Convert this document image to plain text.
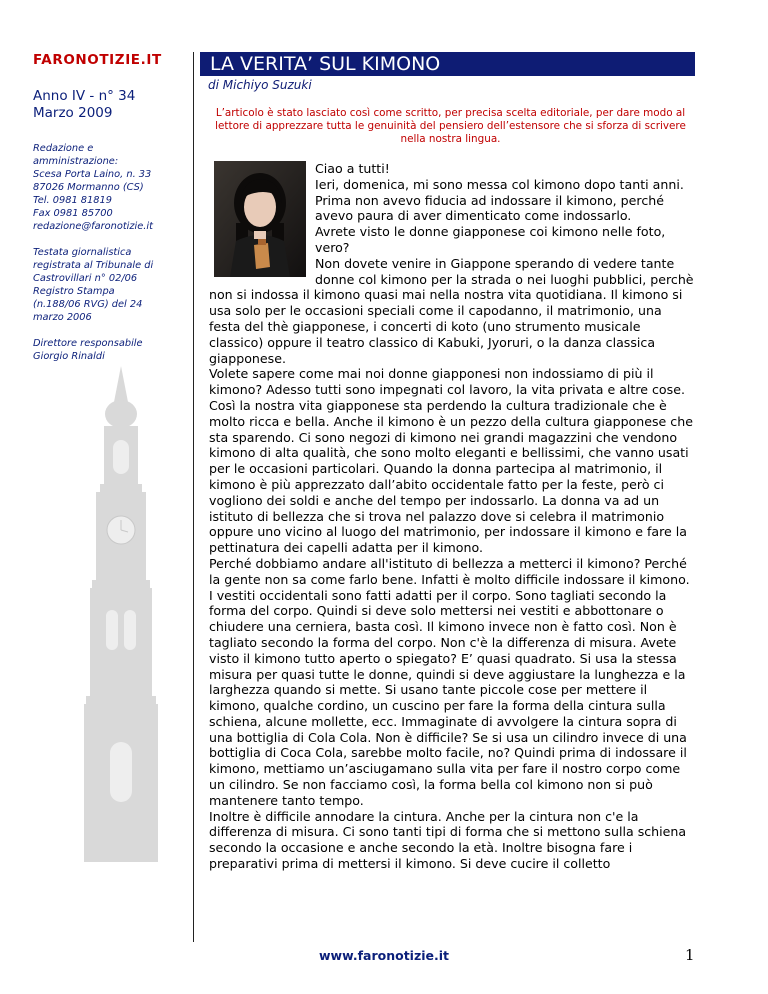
FARONOTIZIE.IT
Anno IV - n° 34
Marzo 2009
Redazione e
amministrazione:
Scesa Porta Laino, n. 33
87026 Mormanno (CS)
Tel. 0981 81819
Fax 0981 85700
redazione@faronotizie.it
Testata giornalistica
registrata al Tribunale di
Castrovillari n° 02/06
Registro Stampa
(n.188/06 RVG) del 24
marzo 2006
Direttore responsabile
Giorgio Rinaldi
LA VERITA’ SUL KIMONO
di Michiyo Suzuki
L’articolo è stato lasciato così come scritto, per precisa scelta editoriale, per dare modo al lettore di apprezzare tutta le genuinità del pensiero dell’estensore che si sforza di scrivere nella nostra lingua.

Ciao a tutti!

Ieri, domenica, mi sono messa col kimono dopo tanti anni. Prima non avevo fiducia ad indossare il kimono, perché avevo paura di aver dimenticato come indossarlo.

Avrete visto le donne giapponese coi kimono nelle foto, vero?

Non dovete venire in Giappone sperando di vedere tante donne col kimono per la strada o nei luoghi pubblici, perchè non si indossa il kimono quasi mai nella nostra vita quotidiana. Il kimono si usa solo per le occasioni speciali come il capodanno, il matrimonio, una festa del thè giapponese, i concerti di koto (uno strumento musicale classico) oppure il teatro classico di Kabuki, Jyoruri, o la danza classica giapponese.

Volete sapere come mai noi donne giapponesi non indossiamo di più il kimono? Adesso tutti sono impegnati col lavoro, la vita privata e altre cose. Così la nostra vita giapponese sta perdendo la cultura tradizionale che è molto ricca e bella. Anche il kimono è un pezzo della cultura giapponese che sta sparendo. Ci sono negozi di kimono nei grandi magazzini che vendono kimono di alta qualità, che sono molto eleganti e bellissimi, che vanno usati per le occasioni particolari. Quando la donna partecipa al matrimonio, il kimono è più apprezzato dall’abito occidentale fatto per la feste, però ci vogliono dei soldi e anche del tempo per indossarlo. La donna va ad un istituto di bellezza che si trova nel palazzo dove si celebra il matrimonio oppure uno vicino al luogo del matrimonio, per indossare il kimono e fare la pettinatura dei capelli adatta per il kimono.

Perché dobbiamo andare all'istituto di bellezza a metterci il kimono? Perché la gente non sa come farlo bene. Infatti è molto difficile indossare il kimono. I vestiti occidentali sono fatti adatti per il corpo. Sono tagliati secondo la forma del corpo. Quindi si deve solo mettersi nei vestiti e abbottonare o chiudere una cerniera, basta così. Il kimono invece non è fatto così. Non è tagliato secondo la forma del corpo. Non c'è la differenza di misura. Avete visto il kimono tutto aperto o spiegato? E’ quasi quadrato. Si usa la stessa misura per quasi tutte le donne, quindi si deve aggiustare la lunghezza e la larghezza quando si mette. Si usano tante piccole cose per mettere il kimono, qualche cordino, un cuscino per fare la forma della cintura sulla schiena, alcune mollette, ecc. Immaginate di avvolgere la cintura sopra di una bottiglia di Cola Cola. Non è difficile? Se si usa un cilindro invece di una bottiglia di Coca Cola, sarebbe molto facile, no? Quindi prima di indossare il kimono, mettiamo un’asciugamano sulla vita per fare il nostro corpo come un cilindro. Se non facciamo così, la forma bella col kimono non si può mantenere tanto tempo.

Inoltre è difficile annodare la cintura. Anche per la cintura non c'e la differenza di misura. Ci sono tanti tipi di forma che si mettono sulla schiena secondo la occasione e anche secondo la età. Inoltre bisogna fare i preparativi prima di mettersi il kimono. Si deve cucire il colletto

www.faronotizie.it	1
